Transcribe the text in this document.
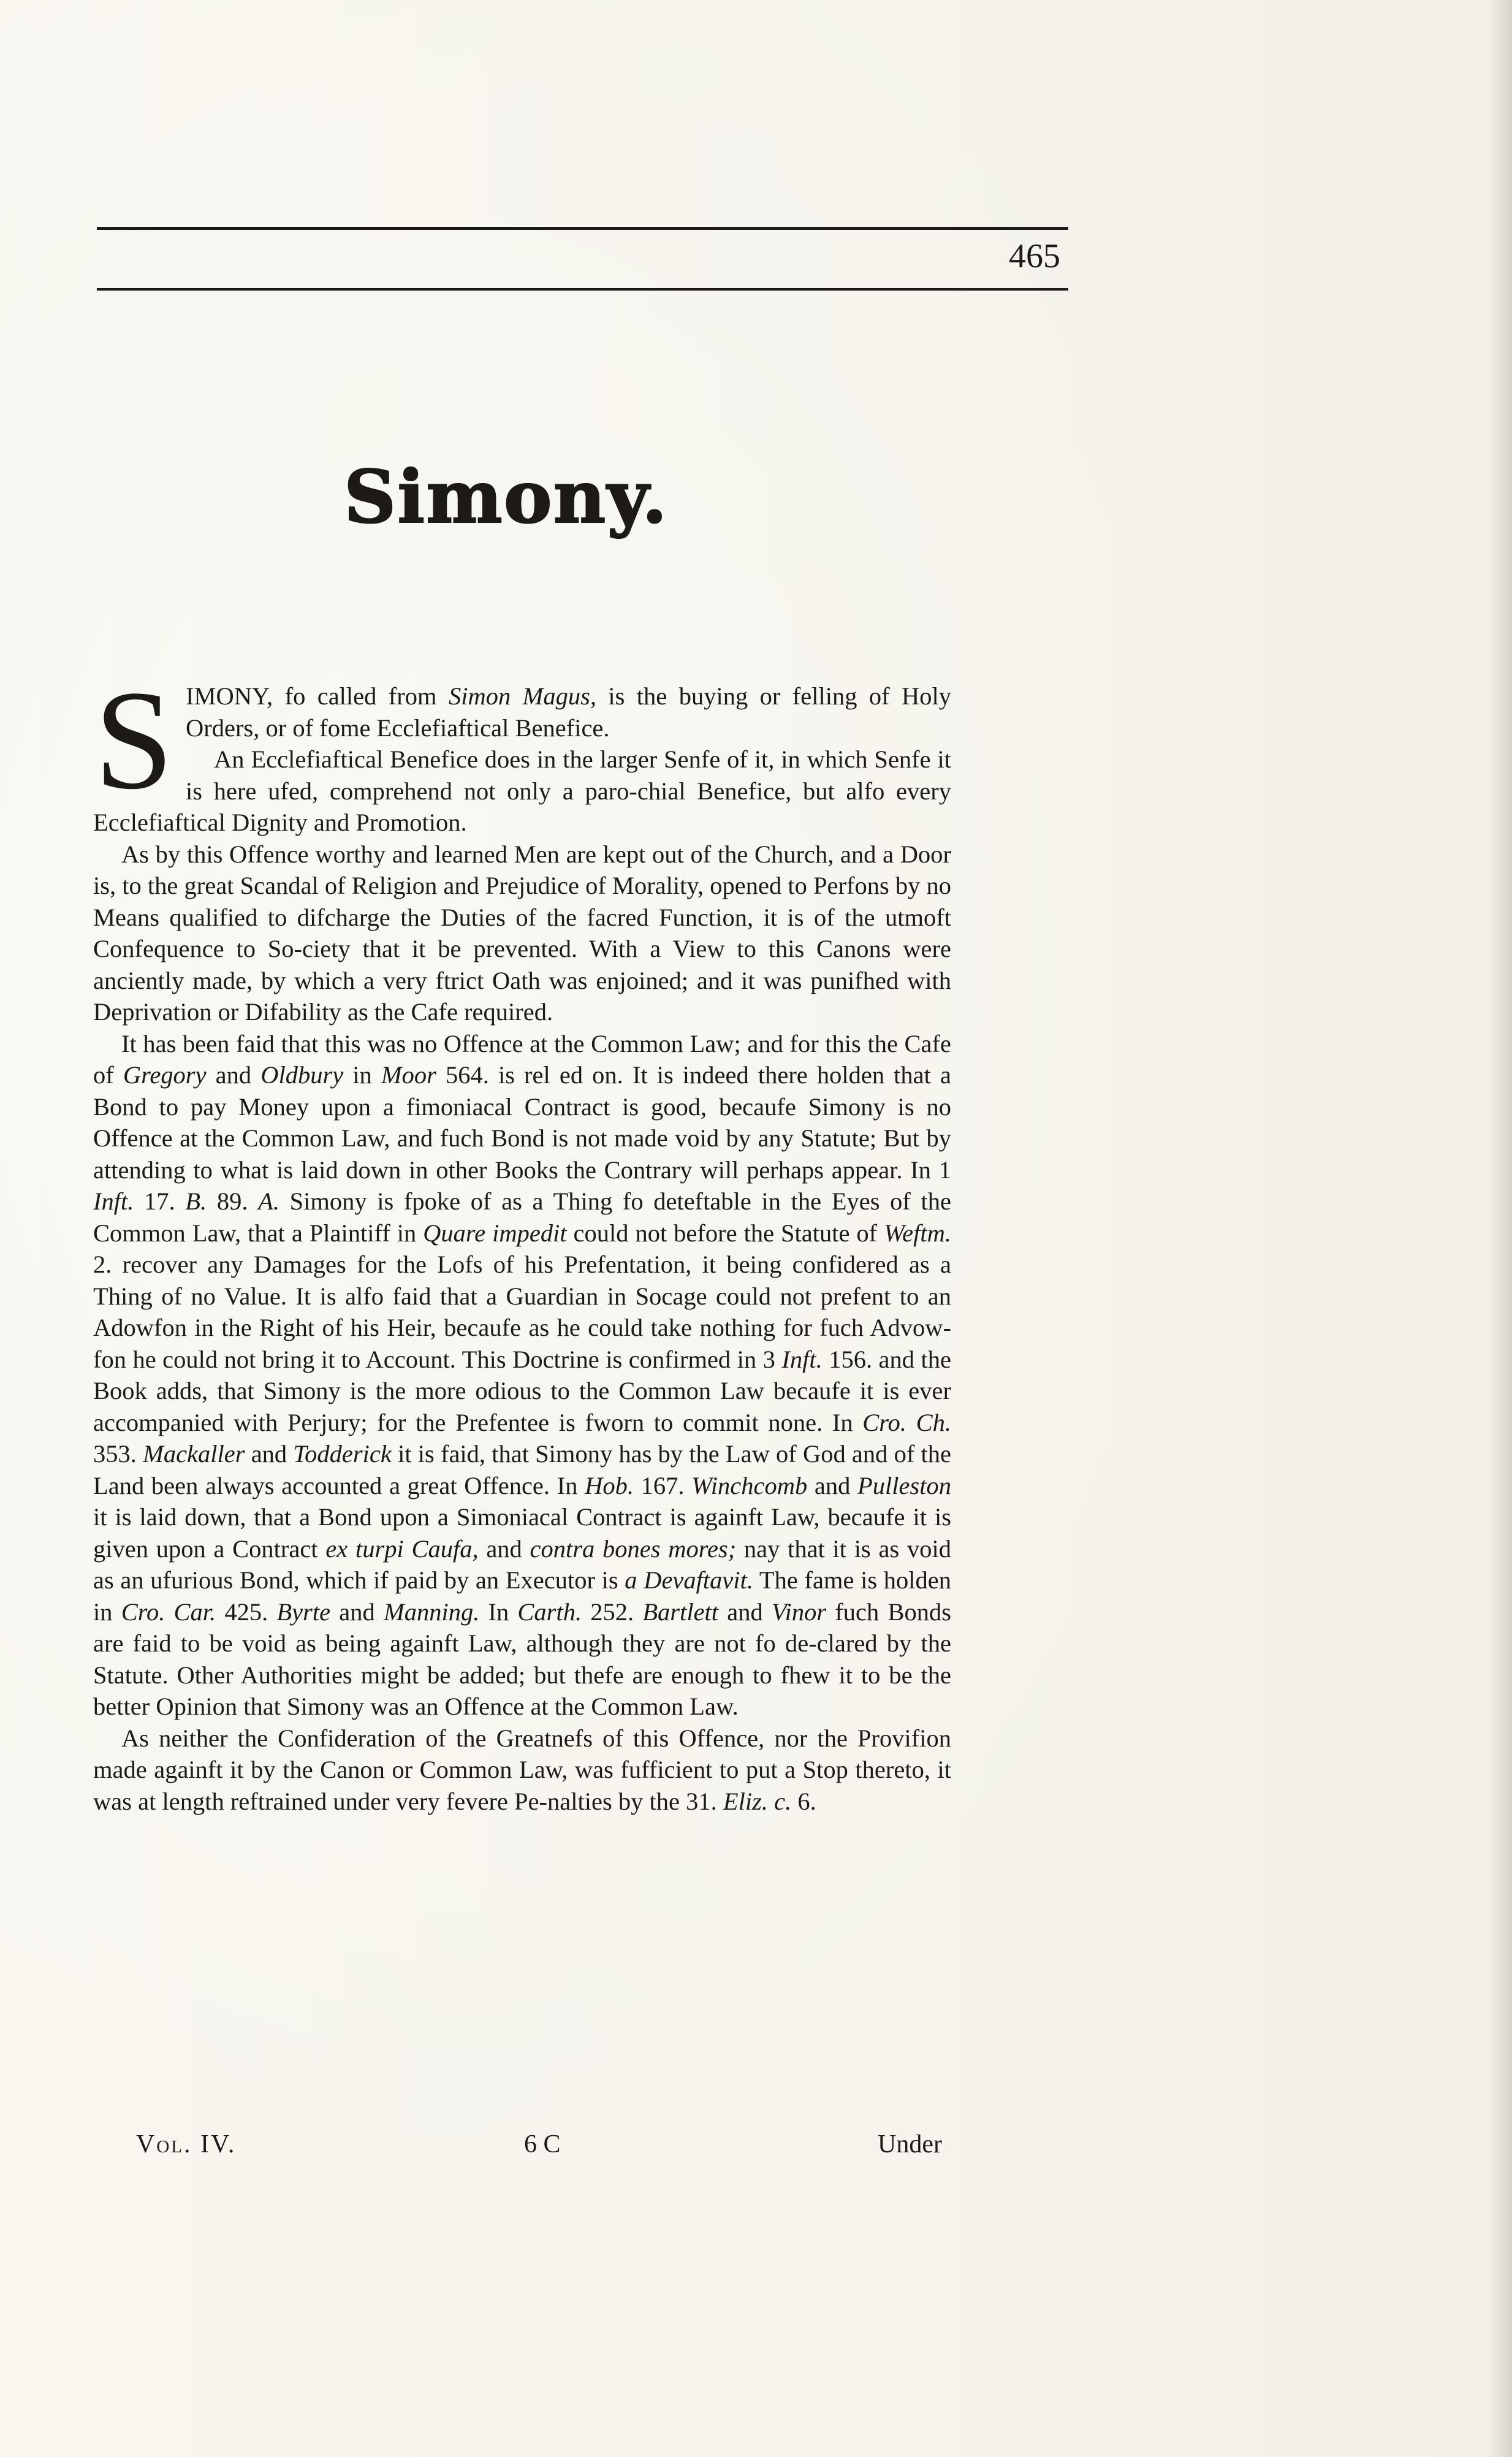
465
Simony.

SIMONY, fo called from Simon Magus, is the buying or felling of Holy Orders, or of fome Ecclefiaftical Benefice.

An Ecclefiaftical Benefice does in the larger Senfe of it, in which Senfe it is here ufed, comprehend not only a paro-chial Benefice, but alfo every Ecclefiaftical Dignity and Promotion.

As by this Offence worthy and learned Men are kept out of the Church, and a Door is, to the great Scandal of Religion and Prejudice of Morality, opened to Perfons by no Means qualified to difcharge the Duties of the facred Function, it is of the utmoft Confequence to So-ciety that it be prevented. With a View to this Canons were anciently made, by which a very ftrict Oath was enjoined; and it was punifhed with Deprivation or Difability as the Cafe required.

It has been faid that this was no Offence at the Common Law; and for this the Cafe of Gregory and Oldbury in Moor 564. is rel ed on. It is indeed there holden that a Bond to pay Money upon a fimoniacal Contract is good, becaufe Simony is no Offence at the Common Law, and fuch Bond is not made void by any Statute; But by attending to what is laid down in other Books the Contrary will perhaps appear. In 1 Inft. 17. B. 89. A. Simony is fpoke of as a Thing fo deteftable in the Eyes of the Common Law, that a Plaintiff in Quare impedit could not before the Statute of Weftm. 2. recover any Damages for the Lofs of his Prefentation, it being confidered as a Thing of no Value. It is alfo faid that a Guardian in Socage could not prefent to an Adowfon in the Right of his Heir, becaufe as he could take nothing for fuch Advow-fon he could not bring it to Account. This Doctrine is confirmed in 3 Inft. 156. and the Book adds, that Simony is the more odious to the Common Law becaufe it is ever accompanied with Perjury; for the Prefentee is fworn to commit none. In Cro. Ch. 353. Mackaller and Todderick it is faid, that Simony has by the Law of God and of the Land been always accounted a great Offence. In Hob. 167. Winchcomb and Pulleston it is laid down, that a Bond upon a Simoniacal Contract is againft Law, becaufe it is given upon a Contract ex turpi Caufa, and contra bones mores; nay that it is as void as an ufurious Bond, which if paid by an Executor is a Devaftavit. The fame is holden in Cro. Car. 425. Byrte and Manning. In Carth. 252. Bartlett and Vinor fuch Bonds are faid to be void as being againft Law, although they are not fo de-clared by the Statute. Other Authorities might be added; but thefe are enough to fhew it to be the better Opinion that Simony was an Offence at the Common Law.

As neither the Confideration of the Greatnefs of this Offence, nor the Provifion made againft it by the Canon or Common Law, was fufficient to put a Stop thereto, it was at length reftrained under very fevere Pe-nalties by the 31. Eliz. c. 6.

Vol. IV.	6 C	Under
